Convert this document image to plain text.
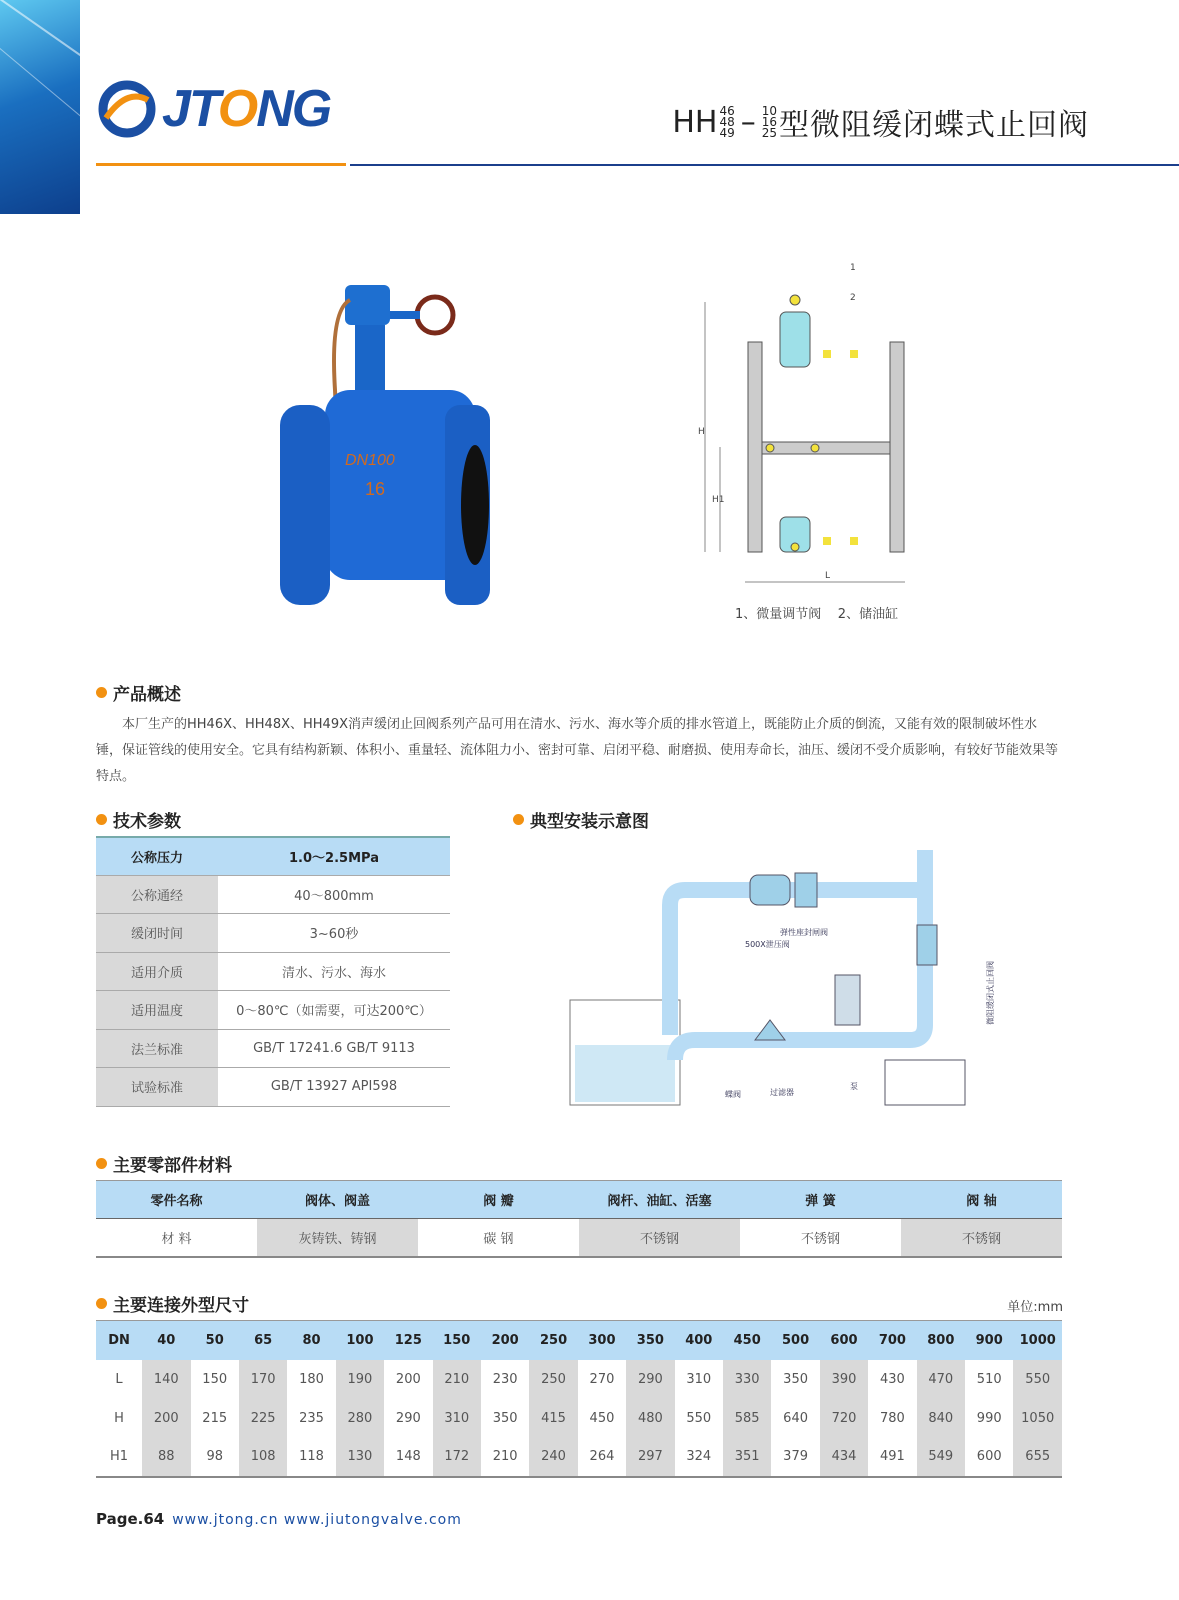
JTONG	HH 46
48
49 – 10
16
25 型微阻缓闭蝶式止回阀
DN100
16
1
2
H
H1
L
1、微量调节阀    2、储油缸
产品概述
本厂生产的HH46X、HH48X、HH49X消声缓闭止回阀系列产品可用在清水、污水、海水等介质的排水管道上，既能防止介质的倒流，又能有效的限制破坏性水锤，保证管线的使用安全。它具有结构新颖、体积小、重量轻、流体阻力小、密封可靠、启闭平稳、耐磨损、使用寿命长，油压、缓闭不受介质影响，有较好节能效果等特点。
技术参数
公称压力	1.0～2.5MPa
公称通经	40～800mm
缓闭时间	3~60秒
适用介质	清水、污水、海水
适用温度	0～80℃（如需要，可达200℃）
法兰标准	GB/T 17241.6 GB/T 9113
试验标准	GB/T 13927 API598
典型安装示意图
弹性座封闸阀
500X泄压阀
蝶阀	过滤器
泵
微阻缓闭式止回阀
主要零部件材料
零件名称	阀体、阀盖	阀 瓣	阀杆、油缸、活塞	弹 簧	阀 轴
材 料	灰铸铁、铸钢	碳 钢	不锈钢	不锈钢	不锈钢
主要连接外型尺寸	单位:mm
DN	40	50	65	80	100	125	150	200	250	300	350	400	450	500	600	700	800	900	1000
L	140	150	170	180	190	200	210	230	250	270	290	310	330	350	390	430	470	510	550
H	200	215	225	235	280	290	310	350	415	450	480	550	585	640	720	780	840	990	1050
H1	88	98	108	118	130	148	172	210	240	264	297	324	351	379	434	491	549	600	655
Page.64 www.jtong.cn www.jiutongvalve.com
